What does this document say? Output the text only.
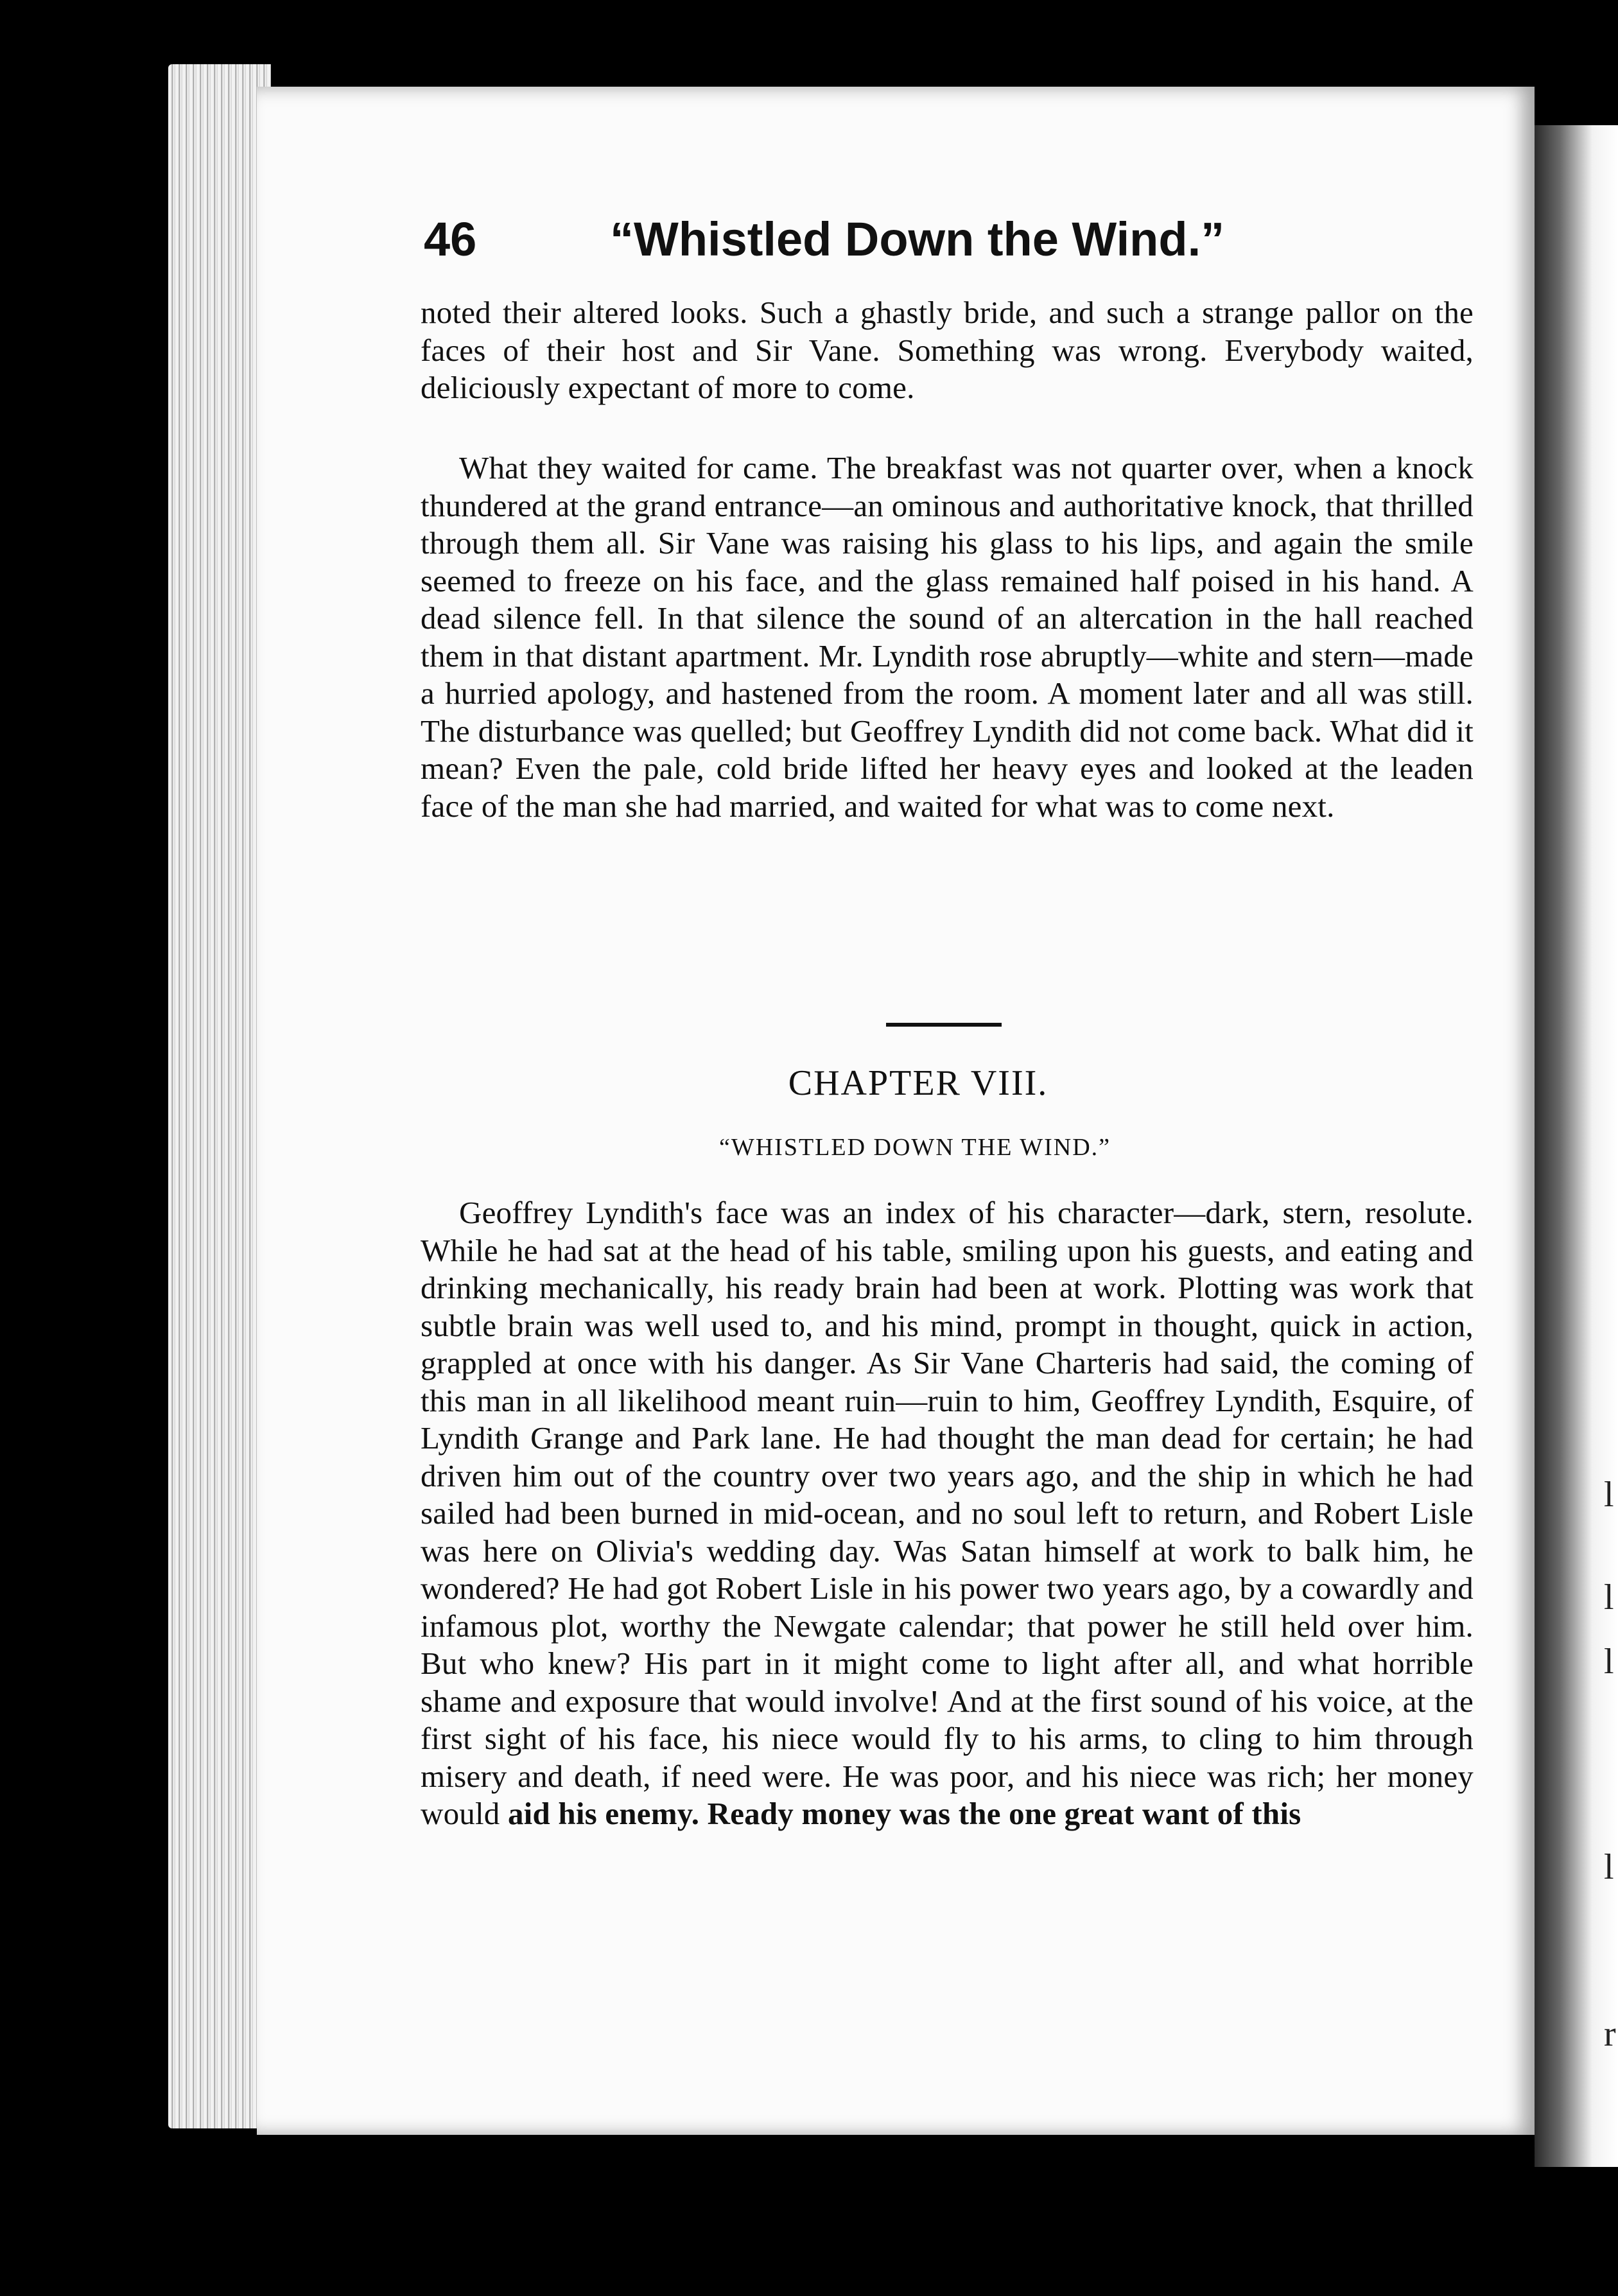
l
l
l
l
r
46	“Whistled Down the Wind.”

noted their altered looks. Such a ghastly bride, and such a strange pallor on the faces of their host and Sir Vane. Something was wrong. Everybody waited, deliciously expectant of more to come.

What they waited for came. The breakfast was not quarter over, when a knock thundered at the grand entrance—an ominous and authoritative knock, that thrilled through them all. Sir Vane was raising his glass to his lips, and again the smile seemed to freeze on his face, and the glass remained half poised in his hand. A dead silence fell. In that silence the sound of an altercation in the hall reached them in that distant apartment. Mr. Lyndith rose abruptly—white and stern—made a hurried apology, and hastened from the room. A moment later and all was still. The disturbance was quelled; but Geoffrey Lyndith did not come back. What did it mean? Even the pale, cold bride lifted her heavy eyes and looked at the leaden face of the man she had married, and waited for what was to come next.

CHAPTER VIII.
“WHISTLED DOWN THE WIND.”

Geoffrey Lyndith's face was an index of his character—dark, stern, resolute. While he had sat at the head of his table, smiling upon his guests, and eating and drinking mechanically, his ready brain had been at work. Plotting was work that subtle brain was well used to, and his mind, prompt in thought, quick in action, grappled at once with his danger. As Sir Vane Charteris had said, the coming of this man in all likelihood meant ruin—ruin to him, Geoffrey Lyndith, Esquire, of Lyndith Grange and Park lane. He had thought the man dead for certain; he had driven him out of the country over two years ago, and the ship in which he had sailed had been burned in mid-ocean, and no soul left to return, and Robert Lisle was here on Olivia's wedding day. Was Satan himself at work to balk him, he wondered? He had got Robert Lisle in his power two years ago, by a cowardly and infamous plot, worthy the Newgate calendar; that power he still held over him. But who knew? His part in it might come to light after all, and what horrible shame and exposure that would involve! And at the first sound of his voice, at the first sight of his face, his niece would fly to his arms, to cling to him through misery and death, if need were. He was poor, and his niece was rich; her money would aid his enemy. Ready money was the one great want of this
